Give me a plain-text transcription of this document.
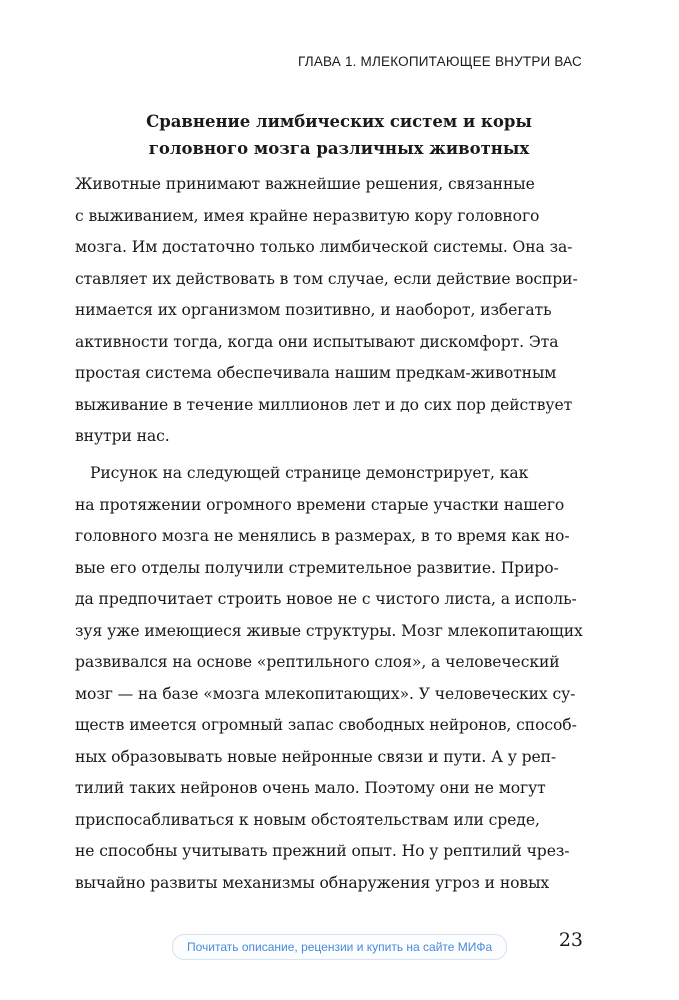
ГЛАВА 1. МЛЕКОПИТАЮЩЕЕ ВНУТРИ ВАС
Сравнение лимбических систем и коры
головного мозга различных животных
Животные принимают важнейшие решения, связанные
с выживанием, имея крайне неразвитую кору головного
мозга. Им достаточно только лимбической системы. Она за-
ставляет их действовать в том случае, если действие воспри-
нимается их организмом позитивно, и наоборот, избегать
активности тогда, когда они испытывают дискомфорт. Эта
простая система обеспечивала нашим предкам-животным
выживание в течение миллионов лет и до сих пор действует
внутри нас.
Рисунок на следующей странице демонстрирует, как
на протяжении огромного времени старые участки нашего
головного мозга не менялись в размерах, в то время как но-
вые его отделы получили стремительное развитие. Приро-
да предпочитает строить новое не с чистого листа, а исполь-
зуя уже имеющиеся живые структуры. Мозг млекопитающих
развивался на основе «рептильного слоя», а человеческий
мозг — на базе «мозга млекопитающих». У человеческих су-
ществ имеется огромный запас свободных нейронов, способ-
ных образовывать новые нейронные связи и пути. А у реп-
тилий таких нейронов очень мало. Поэтому они не могут
приспосабливаться к новым обстоятельствам или среде,
не способны учитывать прежний опыт. Но у рептилий чрез-
вычайно развиты механизмы обнаружения угроз и новых
Почитать описание, рецензии и купить на сайте МИФа	23
